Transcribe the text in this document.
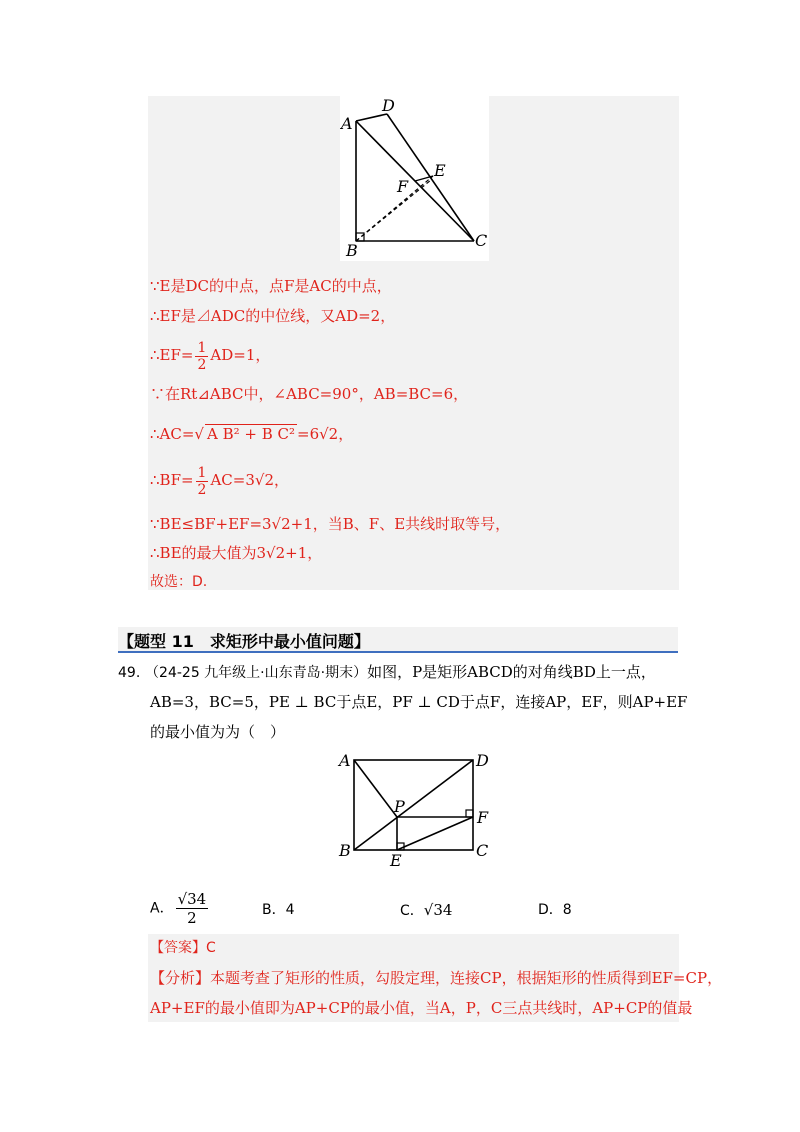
A
D
E
F
B
C
∵E是DC的中点，点F是AC的中点，
∴EF是⊿ADC的中位线，又AD=2，
∴EF= $\frac{1}{2} AD=1$，
∵在Rt⊿ABC中，∠ABC=90°，AB=BC=6，
∴AC=√ A B² + B C² =6√2，
∴BF= $\frac{1}{2} AC=3√2$，
∵BE≤BF+EF=3√2+1，当B、F、E共线时取等号，
∴BE的最大值为3√2+1，
故选：D.
【题型 11　求矩形中最小值问题】
49. （24-25 九年级上·山东青岛·期末）如图，P是矩形ABCD的对角线BD上一点，
AB=3，BC=5，PE ⊥ BC于点E，PF ⊥ CD于点F，连接AP，EF，则AP+EF
的最小值为为（　）
A	D
P
F
B	C
E
A． $\frac{√34}{2}$	B．4	C．√34	D．8
【答案】C
【分析】本题考查了矩形的性质，勾股定理，连接CP，根据矩形的性质得到EF=CP，
AP+EF的最小值即为AP+CP的最小值，当A，P，C三点共线时，AP+CP的值最
